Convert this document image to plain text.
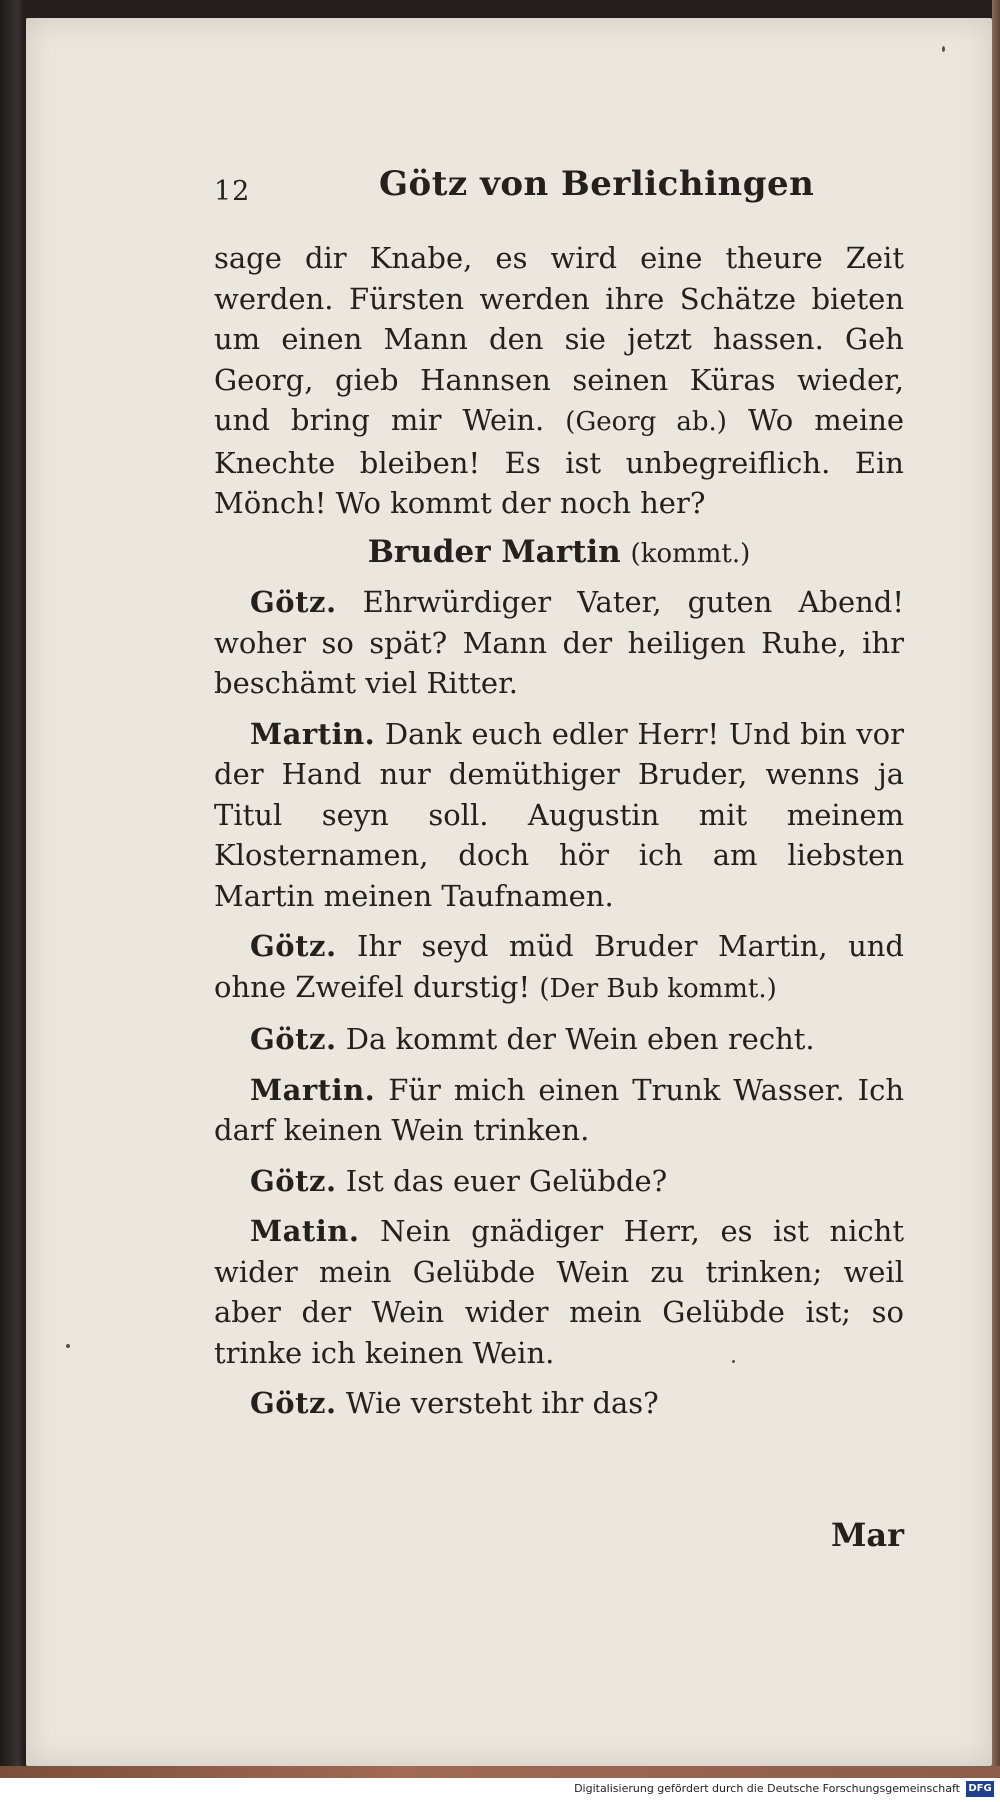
Mar
12	Götz von Berlichingen

sage dir Knabe, es wird eine theure Zeit werden. Fürsten werden ihre Schätze bieten um einen Mann den sie jetzt hassen. Geh Georg, gieb Hannsen seinen Küras wieder, und bring mir Wein. (Georg ab.) Wo meine Knechte bleiben! Es ist unbegreiflich. Ein Mönch! Wo kommt der noch her?

Bruder Martin (kommt.)

Götz. Ehrwürdiger Vater, guten Abend! woher so spät? Mann der heiligen Ruhe, ihr beschämt viel Ritter.

Martin. Dank euch edler Herr! Und bin vor der Hand nur demüthiger Bruder, wenns ja Titul seyn soll. Augustin mit meinem Klosternamen, doch hör ich am liebsten Martin meinen Taufnamen.

Götz. Ihr seyd müd Bruder Martin, und ohne Zweifel durstig! (Der Bub kommt.)

Götz. Da kommt der Wein eben recht.

Martin. Für mich einen Trunk Wasser. Ich darf keinen Wein trinken.

Götz. Ist das euer Gelübde?

Matin. Nein gnädiger Herr, es ist nicht wider mein Gelübde Wein zu trinken; weil aber der Wein wider mein Gelübde ist; so trinke ich keinen Wein.

Götz. Wie versteht ihr das?

Digitalisierung gefördert durch die Deutsche Forschungsgemeinschaft DFG
